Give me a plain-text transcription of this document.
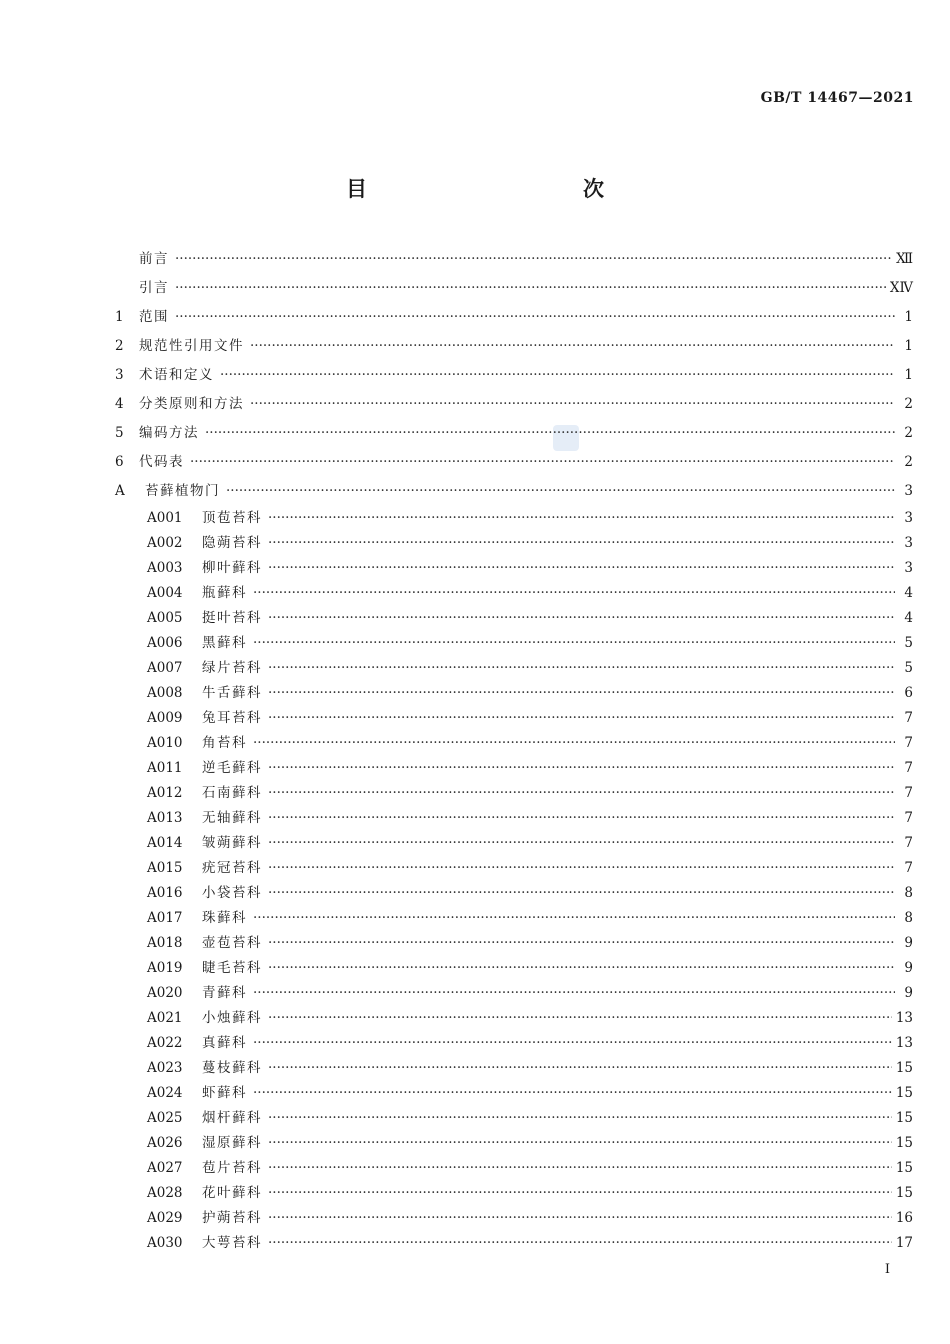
GB/T 14467—2021
目　　次
前言 ·····	Ⅻ
引言 ·····	ⅩⅣ
1	范围 ·····	1
2	规范性引用文件 ·····	1
3	术语和定义 ·····	1
4	分类原则和方法 ·····	2
5	编码方法 ·····	2
6	代码表 ·····	2
A	苔藓植物门 ·····	3
A001	顶苞苔科 ·····	3
A002	隐蒴苔科 ·····	3
A003	柳叶藓科 ·····	3
A004	瓶藓科 ·····	4
A005	挺叶苔科 ·····	4
A006	黑藓科 ·····	5
A007	绿片苔科 ·····	5
A008	牛舌藓科 ·····	6
A009	兔耳苔科 ·····	7
A010	角苔科 ·····	7
A011	逆毛藓科 ·····	7
A012	石南藓科 ·····	7
A013	无轴藓科 ·····	7
A014	皱蒴藓科 ·····	7
A015	疣冠苔科 ·····	7
A016	小袋苔科 ·····	8
A017	珠藓科 ·····	8
A018	壶苞苔科 ·····	9
A019	睫毛苔科 ·····	9
A020	青藓科 ·····	9
A021	小烛藓科 ·····	13
A022	真藓科 ·····	13
A023	蔓枝藓科 ·····	15
A024	虾藓科 ·····	15
A025	烟杆藓科 ·····	15
A026	湿原藓科 ·····	15
A027	苞片苔科 ·····	15
A028	花叶藓科 ·····	15
A029	护蒴苔科 ·····	16
A030	大萼苔科 ·····	17
I
